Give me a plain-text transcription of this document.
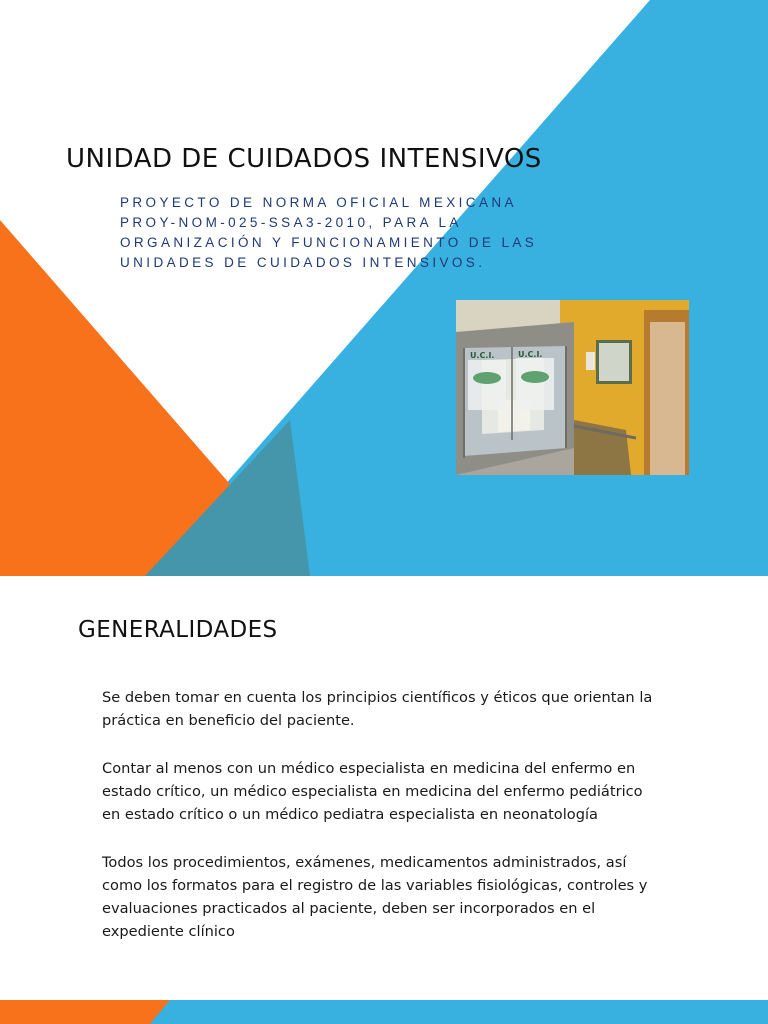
UNIDAD DE CUIDADOS INTENSIVOS
PROYECTO DE NORMA OFICIAL MEXICANA
PROY-NOM-025-SSA3-2010, PARA LA
ORGANIZACIÓN Y FUNCIONAMIENTO DE LAS
UNIDADES DE CUIDADOS INTENSIVOS.
U.C.I.	U.C.I.
GENERALIDADES

Se deben tomar en cuenta los principios científicos y éticos que orientan la
práctica en beneficio del paciente.

Contar al menos con un médico especialista en medicina del enfermo en
estado crítico, un médico especialista en medicina del enfermo pediátrico
en estado crítico o un médico pediatra especialista en neonatología

Todos los procedimientos, exámenes, medicamentos administrados, así
como los formatos para el registro de las variables fisiológicas, controles y
evaluaciones practicados al paciente, deben ser incorporados en el
expediente clínico
